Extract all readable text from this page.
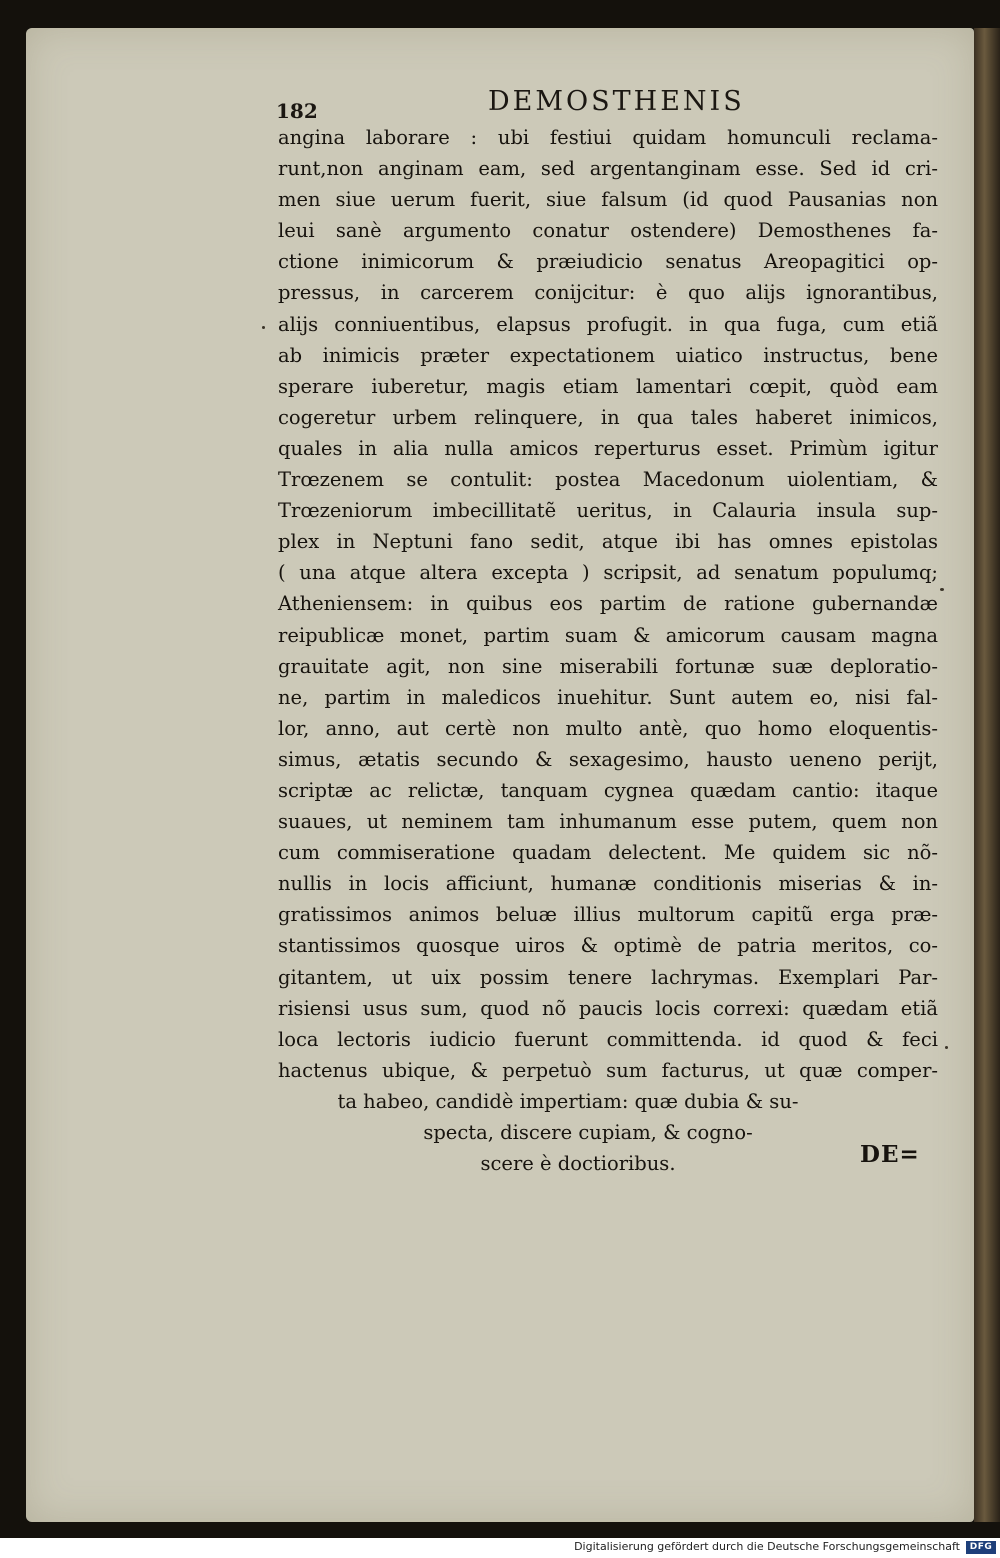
182	DEMOSTHENIS
angina laborare : ubi festiui quidam homunculi reclama-
runt,non anginam eam, sed argentanginam esse. Sed id cri-
men siue uerum fuerit, siue falsum (id quod Pausanias non
leui sanè argumento conatur ostendere) Demosthenes fa-
ctione inimicorum & præiudicio senatus Areopagitici op-
pressus, in carcerem conijcitur: è quo alijs ignorantibus,
alijs conniuentibus, elapsus profugit. in qua fuga, cum etiã
ab inimicis præter expectationem uiatico instructus, bene
sperare iuberetur, magis etiam lamentari cœpit, quòd eam
cogeretur urbem relinquere, in qua tales haberet inimicos,
quales in alia nulla amicos reperturus esset. Primùm igitur
Trœzenem se contulit: postea Macedonum uiolentiam, &
Trœzeniorum imbecillitatẽ ueritus, in Calauria insula sup-
plex in Neptuni fano sedit, atque ibi has omnes epistolas
( una atque altera excepta ) scripsit, ad senatum populumq;
Atheniensem: in quibus eos partim de ratione gubernandæ
reipublicæ monet, partim suam & amicorum causam magna
grauitate agit, non sine miserabili fortunæ suæ deploratio-
ne, partim in maledicos inuehitur. Sunt autem eo, nisi fal-
lor, anno, aut certè non multo antè, quo homo eloquentis-
simus, ætatis secundo & sexagesimo, hausto ueneno perijt,
scriptæ ac relictæ, tanquam cygnea quædam cantio: itaque
suaues, ut neminem tam inhumanum esse putem, quem non
cum commiseratione quadam delectent. Me quidem sic nõ-
nullis in locis afficiunt, humanæ conditionis miserias & in-
gratissimos animos beluæ illius multorum capitũ erga præ-
stantissimos quosque uiros & optimè de patria meritos, co-
gitantem, ut uix possim tenere lachrymas. Exemplari Par-
risiensi usus sum, quod nõ paucis locis correxi: quædam etiã
loca lectoris iudicio fuerunt committenda. id quod & feci
hactenus ubique, & perpetuò sum facturus, ut quæ comper-
ta habeo, candidè impertiam: quæ dubia & su-
specta, discere cupiam, & cogno-
scere è doctioribus.	DE=
Digitalisierung gefördert durch die Deutsche Forschungsgemeinschaft	DFG
